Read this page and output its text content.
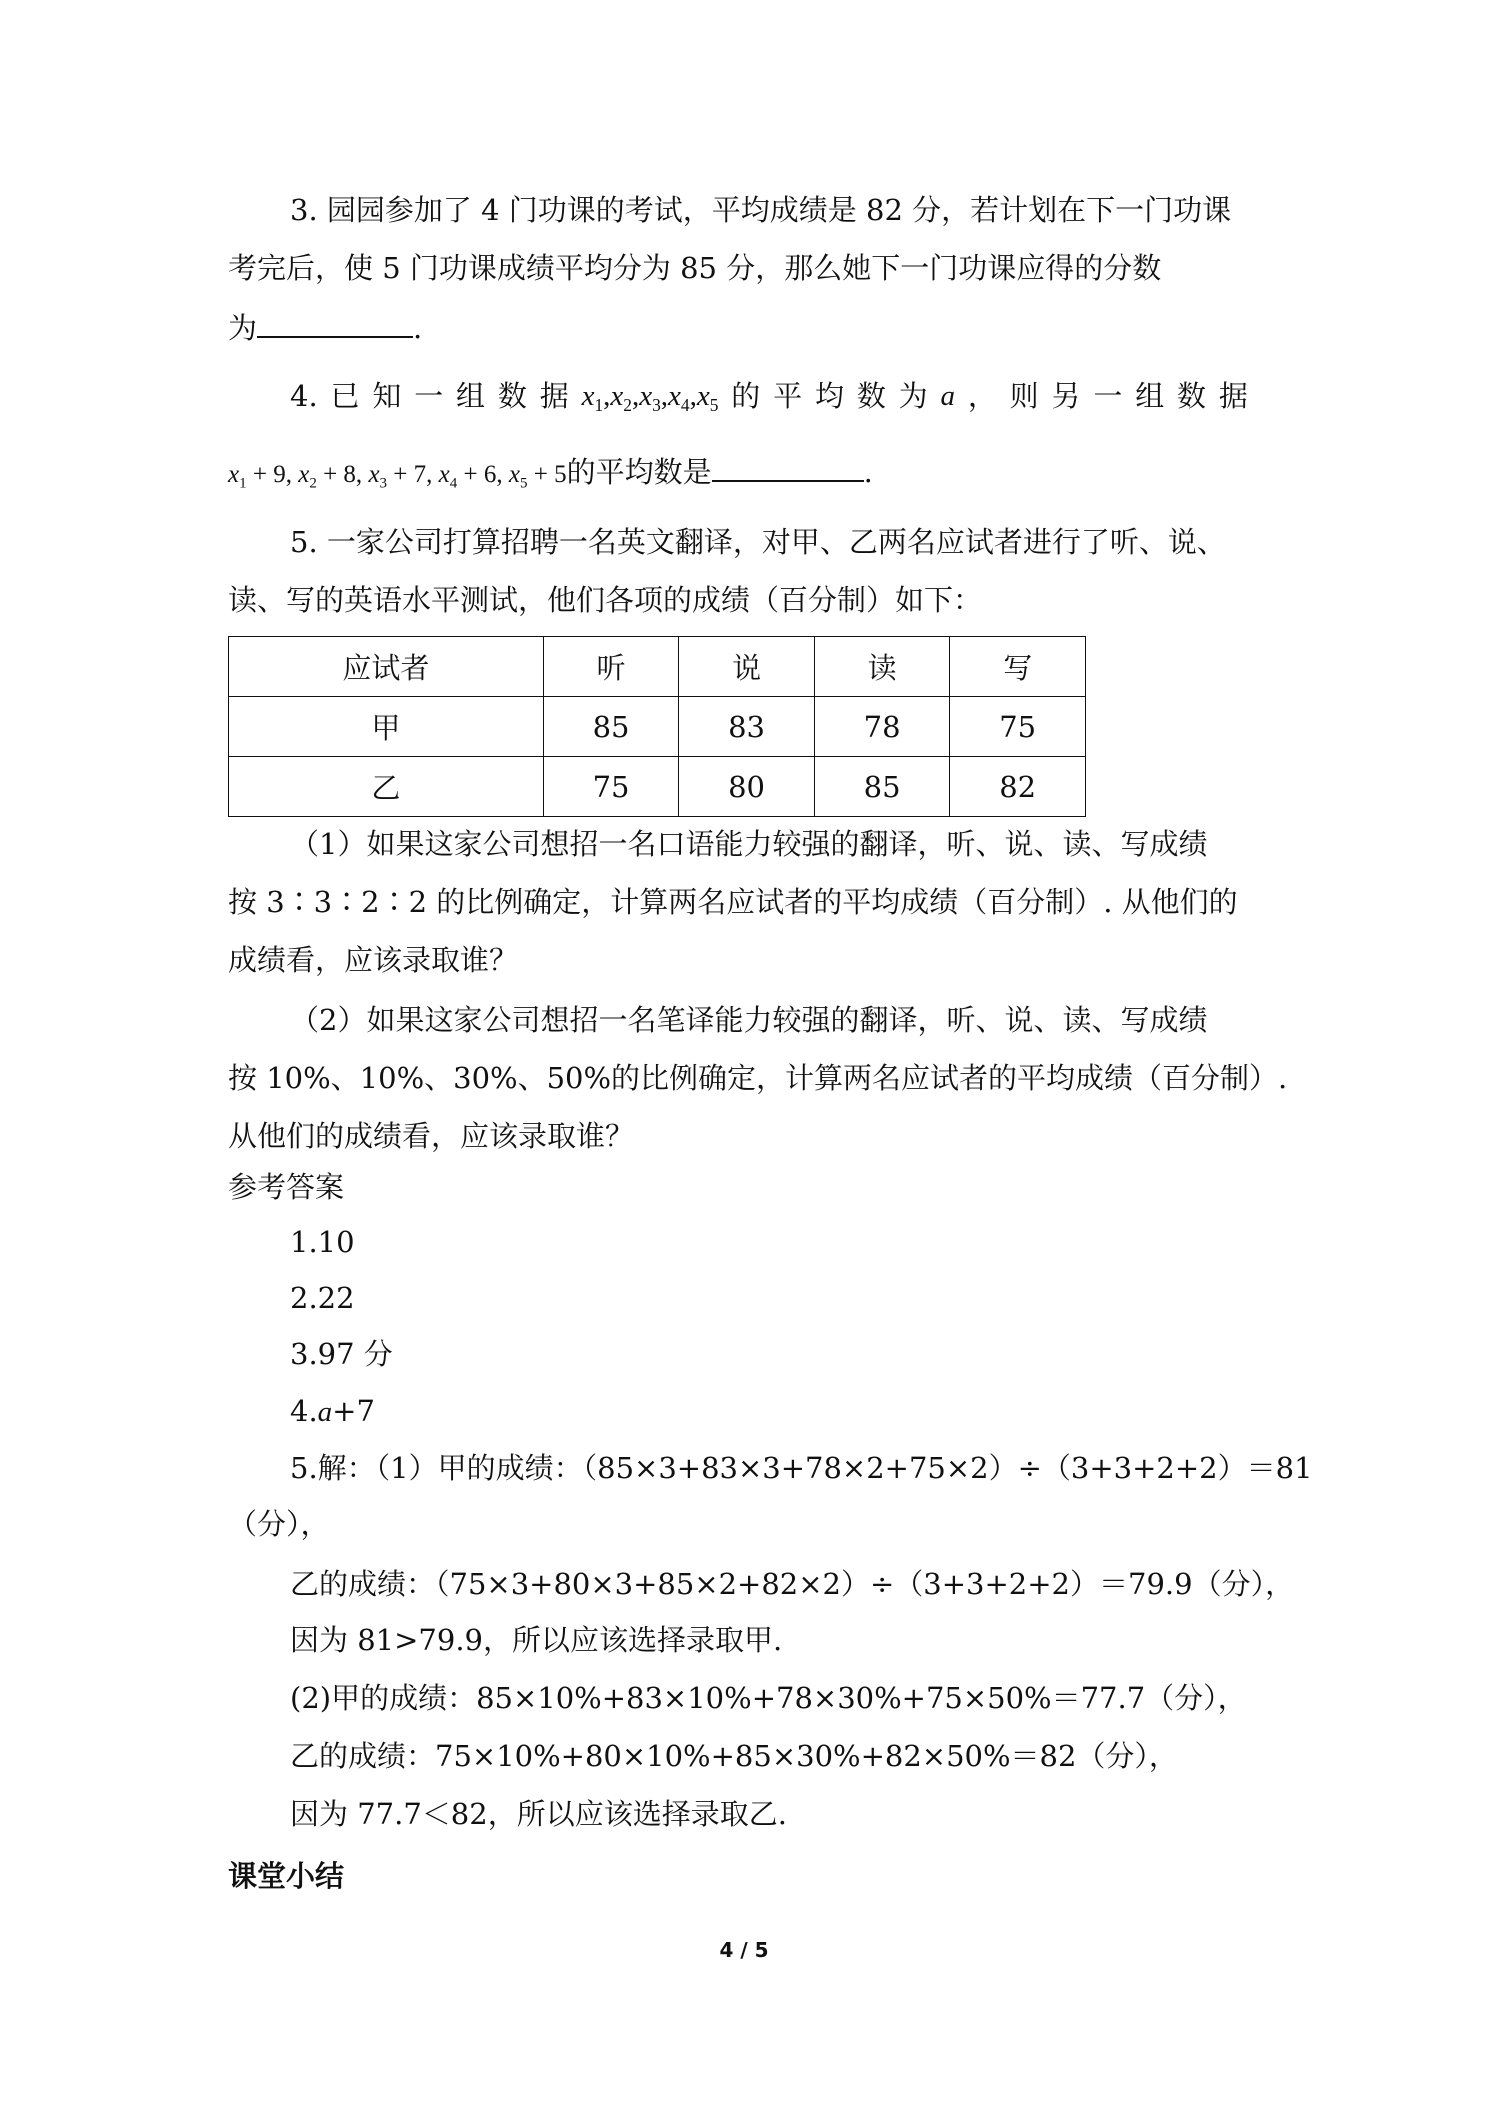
3. 园园参加了 4 门功课的考试，平均成绩是 82 分，若计划在下一门功课
考完后，使 5 门功课成绩平均分为 85 分，那么她下一门功课应得的分数
为	.
4. 已 知 一 组 数 据 $x_1,x_2,x_3,x_4,x_5$ 的 平 均 数 为 a ， 则 另 一 组 数 据
$x_1 + 9$, $x_2 + 8$, $x_3 + 7$, $x_4 + 6$, $x_5 + 5$的平均数是	.
5. 一家公司打算招聘一名英文翻译，对甲、乙两名应试者进行了听、说、
读、写的英语水平测试，他们各项的成绩（百分制）如下：
应试者	听	说	读	写
甲	85	83	78	75
乙	75	80	85	82
（1）如果这家公司想招一名口语能力较强的翻译，听、说、读、写成绩
按 3∶3∶2∶2 的比例确定，计算两名应试者的平均成绩（百分制）. 从他们的
成绩看，应该录取谁？
（2）如果这家公司想招一名笔译能力较强的翻译，听、说、读、写成绩
按 10%、10%、30%、50%的比例确定，计算两名应试者的平均成绩（百分制）.
从他们的成绩看，应该录取谁？
参考答案
1.10
2.22
3.97 分
4.a+7
5.解：（1）甲的成绩：（85×3+83×3+78×2+75×2）÷（3+3+2+2）＝81
（分），
乙的成绩：（75×3+80×3+85×2+82×2）÷（3+3+2+2）＝79.9（分），
因为 81>79.9，所以应该选择录取甲.
(2)甲的成绩：85×10%+83×10%+78×30%+75×50%＝77.7（分），
乙的成绩：75×10%+80×10%+85×30%+82×50%＝82（分），
因为 77.7＜82，所以应该选择录取乙.
课堂小结
4 / 5
